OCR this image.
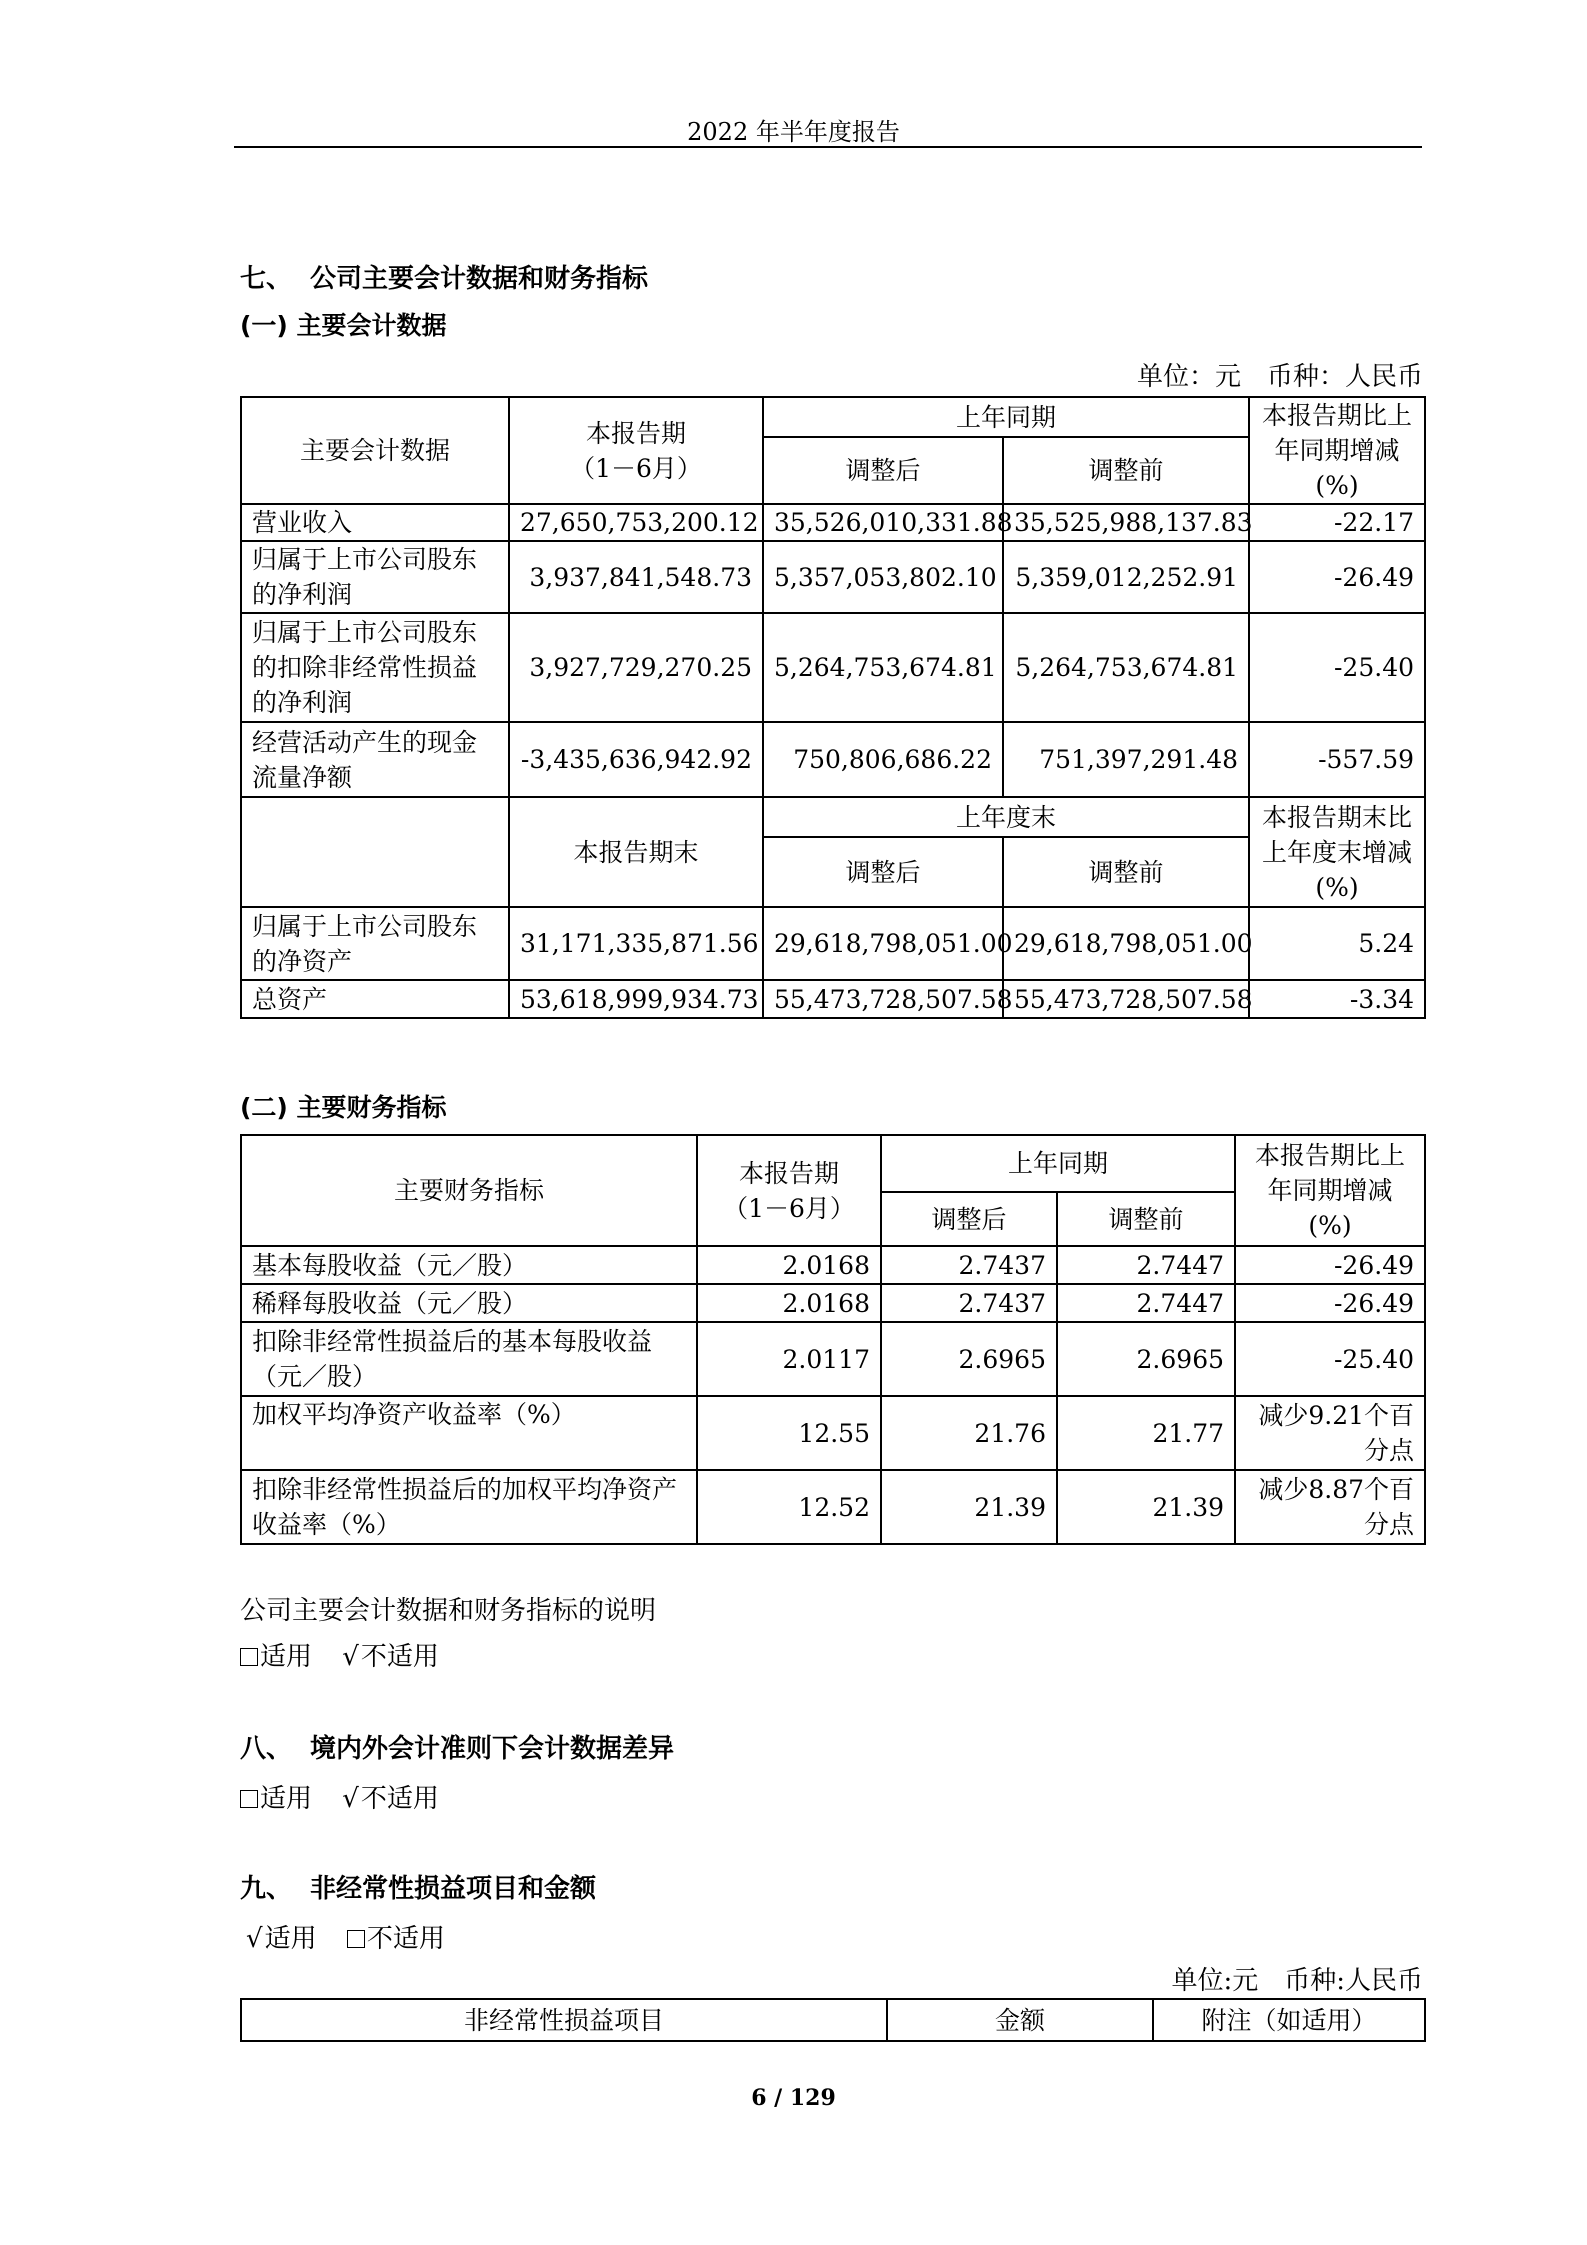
2022 年半年度报告
七、 公司主要会计数据和财务指标
(一) 主要会计数据
单位：元 币种：人民币
主要会计数据	本报告期
（1－6月）	上年同期		本报告期比上年同期增减(%)
		调整后	调整前	
营业收入	27,650,753,200.12	35,526,010,331.88	35,525,988,137.83	-22.17
归属于上市公司股东的净利润	3,937,841,548.73	5,357,053,802.10	5,359,012,252.91	-26.49
归属于上市公司股东的扣除非经常性损益的净利润	3,927,729,270.25	5,264,753,674.81	5,264,753,674.81	-25.40
经营活动产生的现金流量净额	-3,435,636,942.92	750,806,686.22	751,397,291.48	-557.59
	本报告期末	上年度末		本报告期末比上年度末增减(%)
		调整后	调整前	
归属于上市公司股东的净资产	31,171,335,871.56	29,618,798,051.00	29,618,798,051.00	5.24
总资产	53,618,999,934.73	55,473,728,507.58	55,473,728,507.58	-3.34
(二) 主要财务指标
主要财务指标	本报告期
（1－6月）	上年同期		本报告期比上年同期增减(%)
		调整后	调整前	
基本每股收益（元／股）	2.0168	2.7437	2.7447	-26.49
稀释每股收益（元／股）	2.0168	2.7437	2.7447	-26.49
扣除非经常性损益后的基本每股收益（元／股）	2.0117	2.6965	2.6965	-25.40
加权平均净资产收益率（%）	12.55	21.76	21.77	减少9.21个百分点
扣除非经常性损益后的加权平均净资产收益率（%）	12.52	21.39	21.39	减少8.87个百分点
公司主要会计数据和财务指标的说明
适用 √不适用
八、 境内外会计准则下会计数据差异
适用 √不适用
九、 非经常性损益项目和金额
√适用 不适用
单位:元 币种:人民币
非经常性损益项目	金额	附注（如适用）
6 / 129
